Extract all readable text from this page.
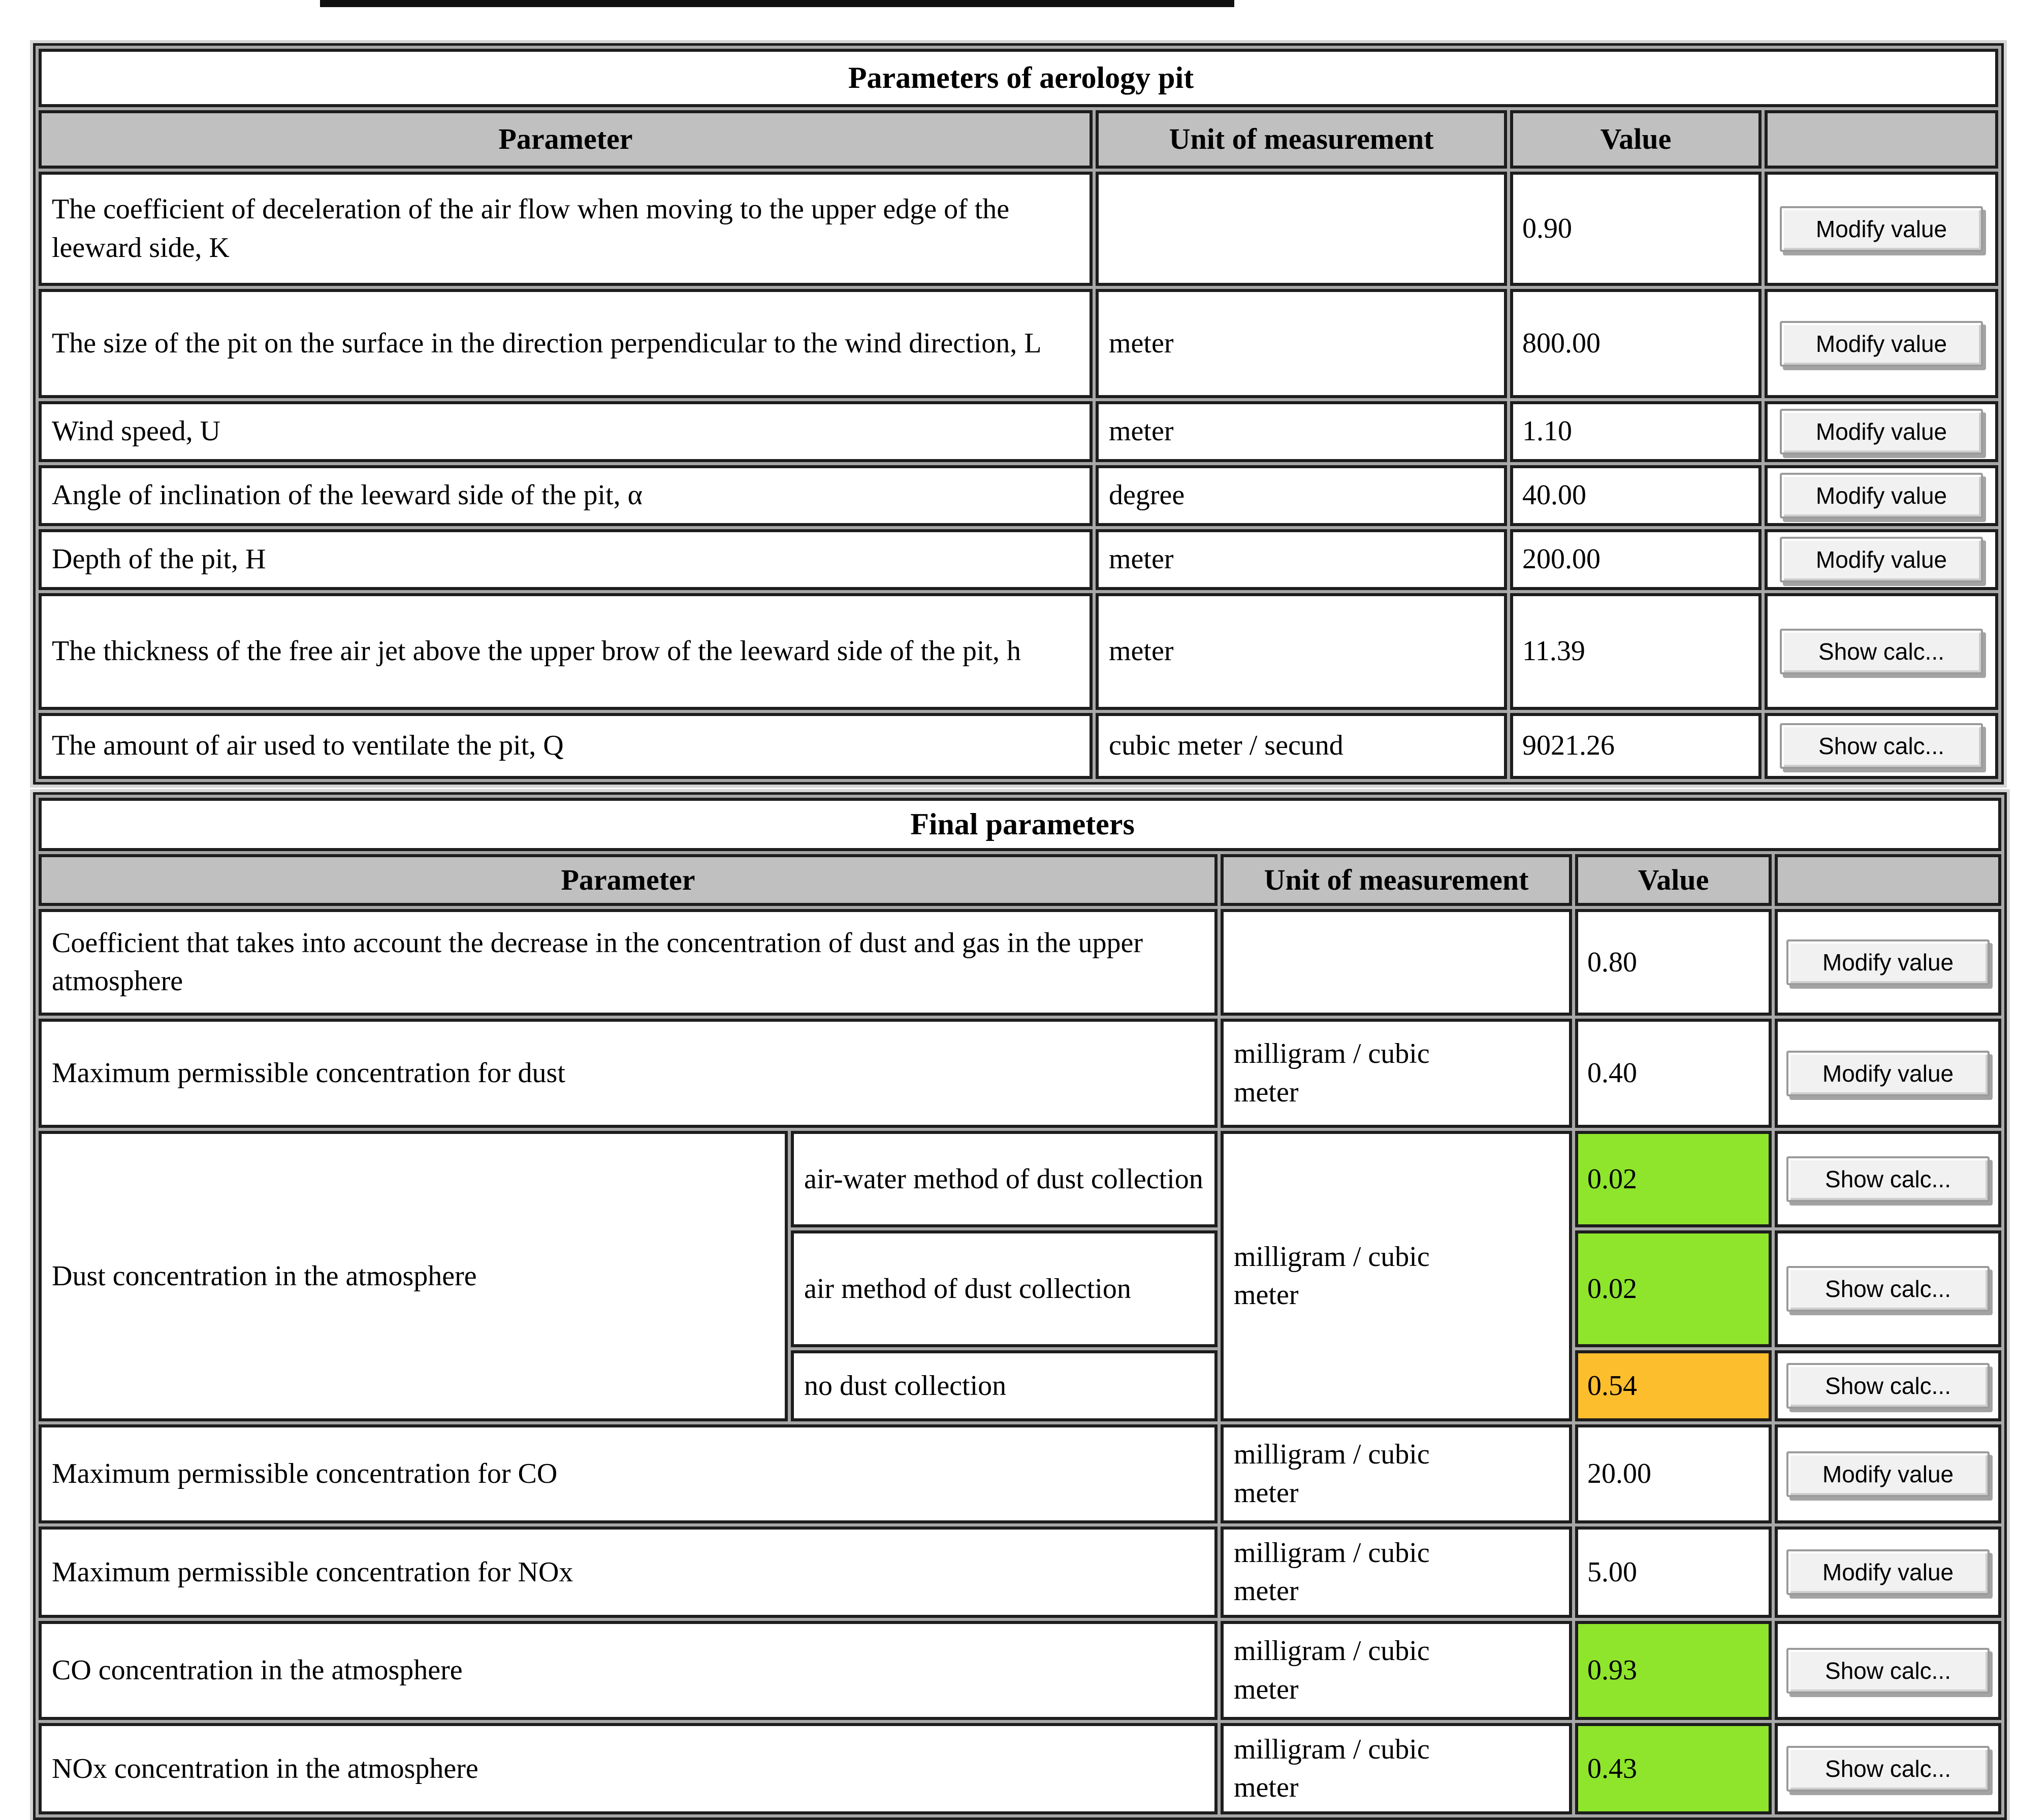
Parameters of aerology pit			
Parameter	Unit of measurement	Value	
The coefficient of deceleration of the air flow when moving to the upper edge of the leeward side, K		0.90	Modify value
The size of the pit on the surface in the direction perpendicular to the wind direction, L	meter	800.00	Modify value
Wind speed, U	meter	1.10	Modify value
Angle of inclination of the leeward side of the pit, α	degree	40.00	Modify value
Depth of the pit, H	meter	200.00	Modify value
The thickness of the free air jet above the upper brow of the leeward side of the pit, h	meter	11.39	Show calc...
The amount of air used to ventilate the pit, Q	cubic meter / secund	9021.26	Show calc...
Final parameters				
Parameter		Unit of measurement	Value	
Coefficient that takes into account the decrease in the concentration of dust and gas in the upper atmosphere			0.80	Modify value
Maximum permissible concentration for dust		milligram / cubic meter	0.40	Modify value
Dust concentration in the atmosphere	air-water method of dust collection	milligram / cubic meter	0.02	Show calc...
	air method of dust collection		0.02	Show calc...
	no dust collection		0.54	Show calc...
Maximum permissible concentration for CO		milligram / cubic meter	20.00	Modify value
Maximum permissible concentration for NOx		milligram / cubic meter	5.00	Modify value
CO concentration in the atmosphere		milligram / cubic meter	0.93	Show calc...
NOx concentration in the atmosphere		milligram / cubic meter	0.43	Show calc...
